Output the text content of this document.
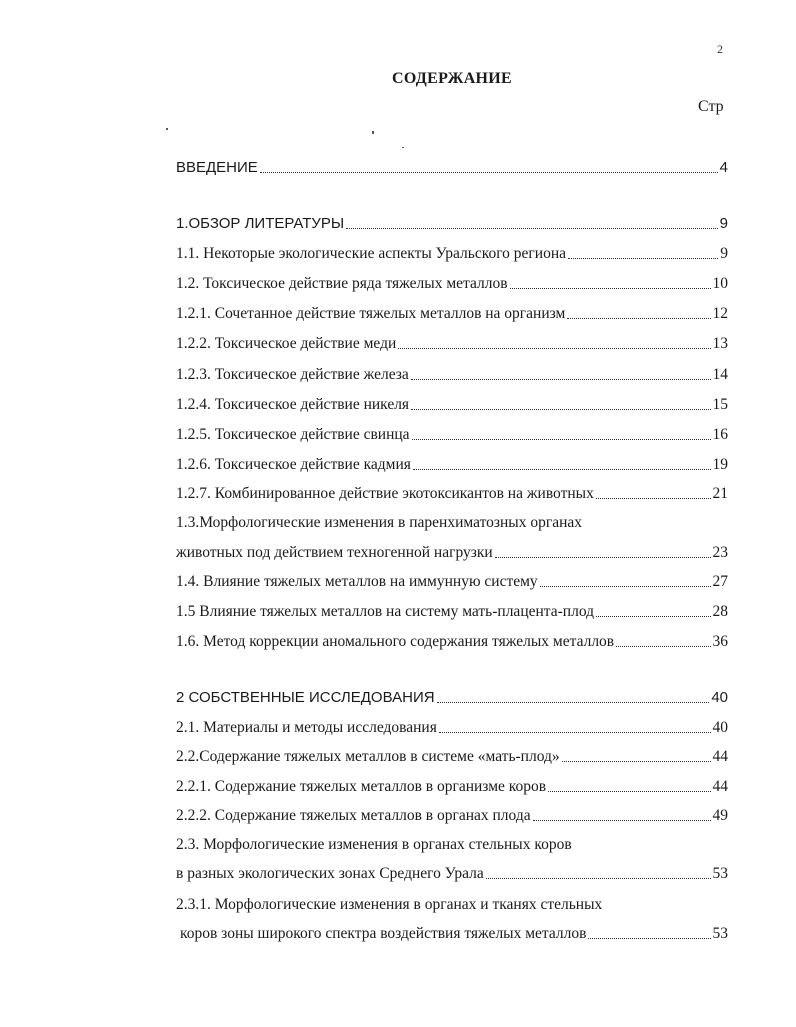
2
СОДЕРЖАНИЕ
Стр
ВВЕДЕНИЕ	4
1.ОБЗОР ЛИТЕРАТУРЫ	9
1.1. Некоторые экологические аспекты Уральского региона	9
1.2. Токсическое действие ряда тяжелых металлов	10
1.2.1. Сочетанное действие тяжелых металлов на организм	12
1.2.2. Токсическое действие меди	13
1.2.3. Токсическое действие железа	14
1.2.4. Токсическое действие никеля	15
1.2.5. Токсическое действие свинца	16
1.2.6. Токсическое действие кадмия	19
1.2.7. Комбинированное действие экотоксикантов на животных	21
1.3.Морфологические изменения в паренхиматозных органах
животных под действием техногенной нагрузки	23
1.4. Влияние тяжелых металлов на иммунную систему	27
1.5 Влияние тяжелых металлов на систему мать-плацента-плод	28
1.6. Метод коррекции аномального содержания тяжелых металлов	36
2 СОБСТВЕННЫЕ ИССЛЕДОВАНИЯ	40
2.1. Материалы и методы исследования	40
2.2.Содержание тяжелых металлов в системе «мать-плод»	44
2.2.1. Содержание тяжелых металлов в организме коров	44
2.2.2. Содержание тяжелых металлов в органах плода	49
2.3. Морфологические изменения в органах стельных коров
в разных экологических зонах Среднего Урала	53
2.3.1. Морфологические изменения в органах и тканях стельных
коров зоны широкого спектра воздействия тяжелых металлов	53
